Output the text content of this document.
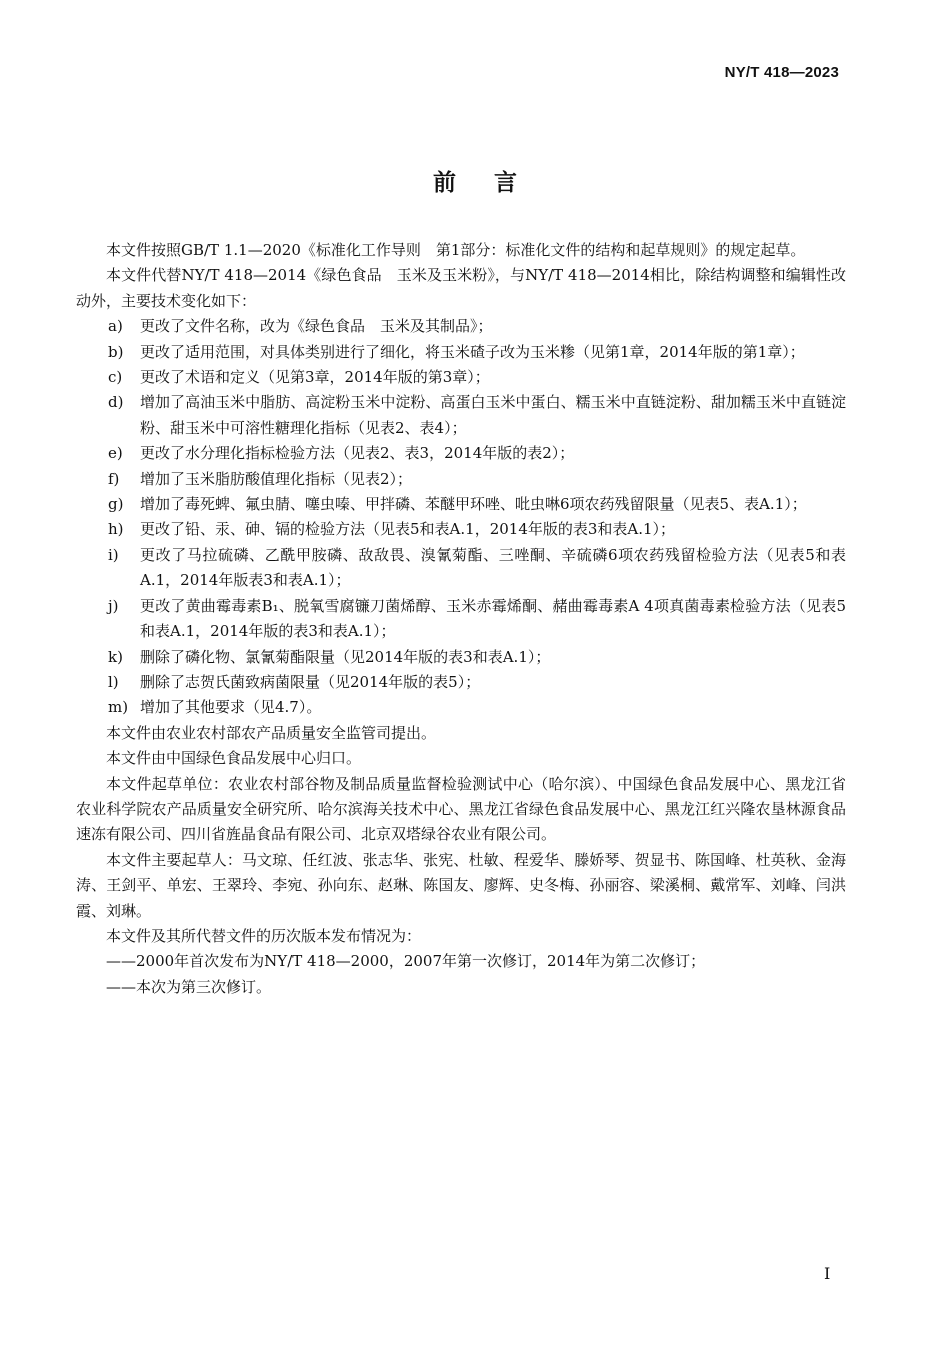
NY/T 418—2023
前言

本文件按照GB/T 1.1—2020《标准化工作导则　第1部分：标准化文件的结构和起草规则》的规定起草。

本文件代替NY/T 418—2014《绿色食品　玉米及玉米粉》，与NY/T 418—2014相比，除结构调整和编辑性改动外，主要技术变化如下：

a) 更改了文件名称，改为《绿色食品　玉米及其制品》；
b) 更改了适用范围，对具体类别进行了细化，将玉米碴子改为玉米糁（见第1章，2014年版的第1章）；
c) 更改了术语和定义（见第3章，2014年版的第3章）；
d) 增加了高油玉米中脂肪、高淀粉玉米中淀粉、高蛋白玉米中蛋白、糯玉米中直链淀粉、甜加糯玉米中直链淀粉、甜玉米中可溶性糖理化指标（见表2、表4）；
e) 更改了水分理化指标检验方法（见表2、表3，2014年版的表2）；
f) 增加了玉米脂肪酸值理化指标（见表2）；
g) 增加了毒死蜱、氟虫腈、噻虫嗪、甲拌磷、苯醚甲环唑、吡虫啉6项农药残留限量（见表5、表A.1）；
h) 更改了铅、汞、砷、镉的检验方法（见表5和表A.1，2014年版的表3和表A.1）；
i) 更改了马拉硫磷、乙酰甲胺磷、敌敌畏、溴氰菊酯、三唑酮、辛硫磷6项农药残留检验方法（见表5和表A.1，2014年版表3和表A.1）；
j) 更改了黄曲霉毒素B₁、脱氧雪腐镰刀菌烯醇、玉米赤霉烯酮、赭曲霉毒素A 4项真菌毒素检验方法（见表5和表A.1，2014年版的表3和表A.1）；
k) 删除了磷化物、氯氰菊酯限量（见2014年版的表3和表A.1）；
l) 删除了志贺氏菌致病菌限量（见2014年版的表5）；
m) 增加了其他要求（见4.7）。

本文件由农业农村部农产品质量安全监管司提出。

本文件由中国绿色食品发展中心归口。

本文件起草单位：农业农村部谷物及制品质量监督检验测试中心（哈尔滨）、中国绿色食品发展中心、黑龙江省农业科学院农产品质量安全研究所、哈尔滨海关技术中心、黑龙江省绿色食品发展中心、黑龙江红兴隆农垦林源食品速冻有限公司、四川省旌晶食品有限公司、北京双塔绿谷农业有限公司。

本文件主要起草人：马文琼、任红波、张志华、张宪、杜敏、程爱华、滕娇琴、贺显书、陈国峰、杜英秋、金海涛、王剑平、单宏、王翠玲、李宛、孙向东、赵琳、陈国友、廖辉、史冬梅、孙丽容、梁溪桐、戴常军、刘峰、闫洪霞、刘琳。

本文件及其所代替文件的历次版本发布情况为：

——2000年首次发布为NY/T 418—2000，2007年第一次修订，2014年为第二次修订；

——本次为第三次修订。

I
